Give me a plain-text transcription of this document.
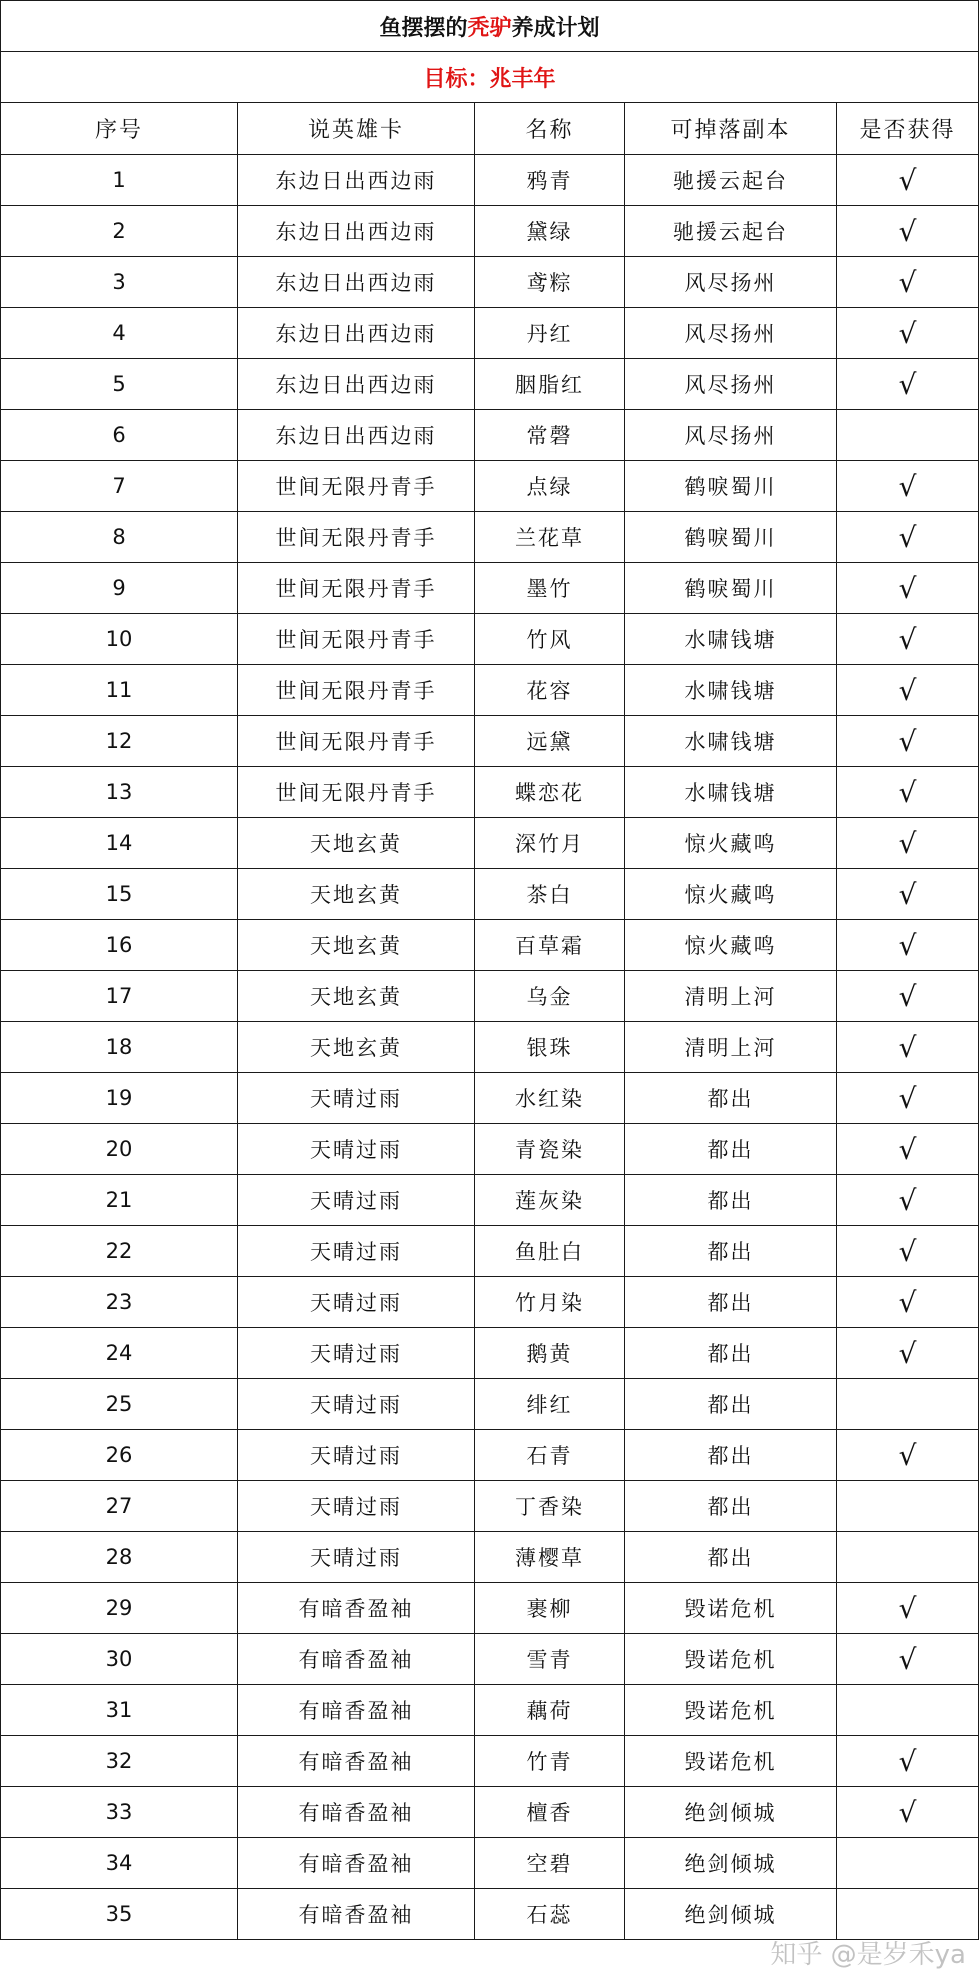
鱼摆摆的秃驴养成计划				
目标：兆丰年				
序号	说英雄卡	名称	可掉落副本	是否获得
1	东边日出西边雨	鸦青	驰援云起台	√
2	东边日出西边雨	黛绿	驰援云起台	√
3	东边日出西边雨	鸢粽	风尽扬州	√
4	东边日出西边雨	丹红	风尽扬州	√
5	东边日出西边雨	胭脂红	风尽扬州	√
6	东边日出西边雨	常磬	风尽扬州	
7	世间无限丹青手	点绿	鹤唳蜀川	√
8	世间无限丹青手	兰花草	鹤唳蜀川	√
9	世间无限丹青手	墨竹	鹤唳蜀川	√
10	世间无限丹青手	竹风	水啸钱塘	√
11	世间无限丹青手	花容	水啸钱塘	√
12	世间无限丹青手	远黛	水啸钱塘	√
13	世间无限丹青手	蝶恋花	水啸钱塘	√
14	天地玄黄	深竹月	惊火藏鸣	√
15	天地玄黄	茶白	惊火藏鸣	√
16	天地玄黄	百草霜	惊火藏鸣	√
17	天地玄黄	乌金	清明上河	√
18	天地玄黄	银珠	清明上河	√
19	天晴过雨	水红染	都出	√
20	天晴过雨	青瓷染	都出	√
21	天晴过雨	莲灰染	都出	√
22	天晴过雨	鱼肚白	都出	√
23	天晴过雨	竹月染	都出	√
24	天晴过雨	鹅黄	都出	√
25	天晴过雨	绯红	都出	
26	天晴过雨	石青	都出	√
27	天晴过雨	丁香染	都出	
28	天晴过雨	薄樱草	都出	
29	有暗香盈袖	裹柳	毁诺危机	√
30	有暗香盈袖	雪青	毁诺危机	√
31	有暗香盈袖	藕荷	毁诺危机	
32	有暗香盈袖	竹青	毁诺危机	√
33	有暗香盈袖	檀香	绝剑倾城	√
34	有暗香盈袖	空碧	绝剑倾城	
35	有暗香盈袖	石蕊	绝剑倾城	
知乎 @是岁禾ya
